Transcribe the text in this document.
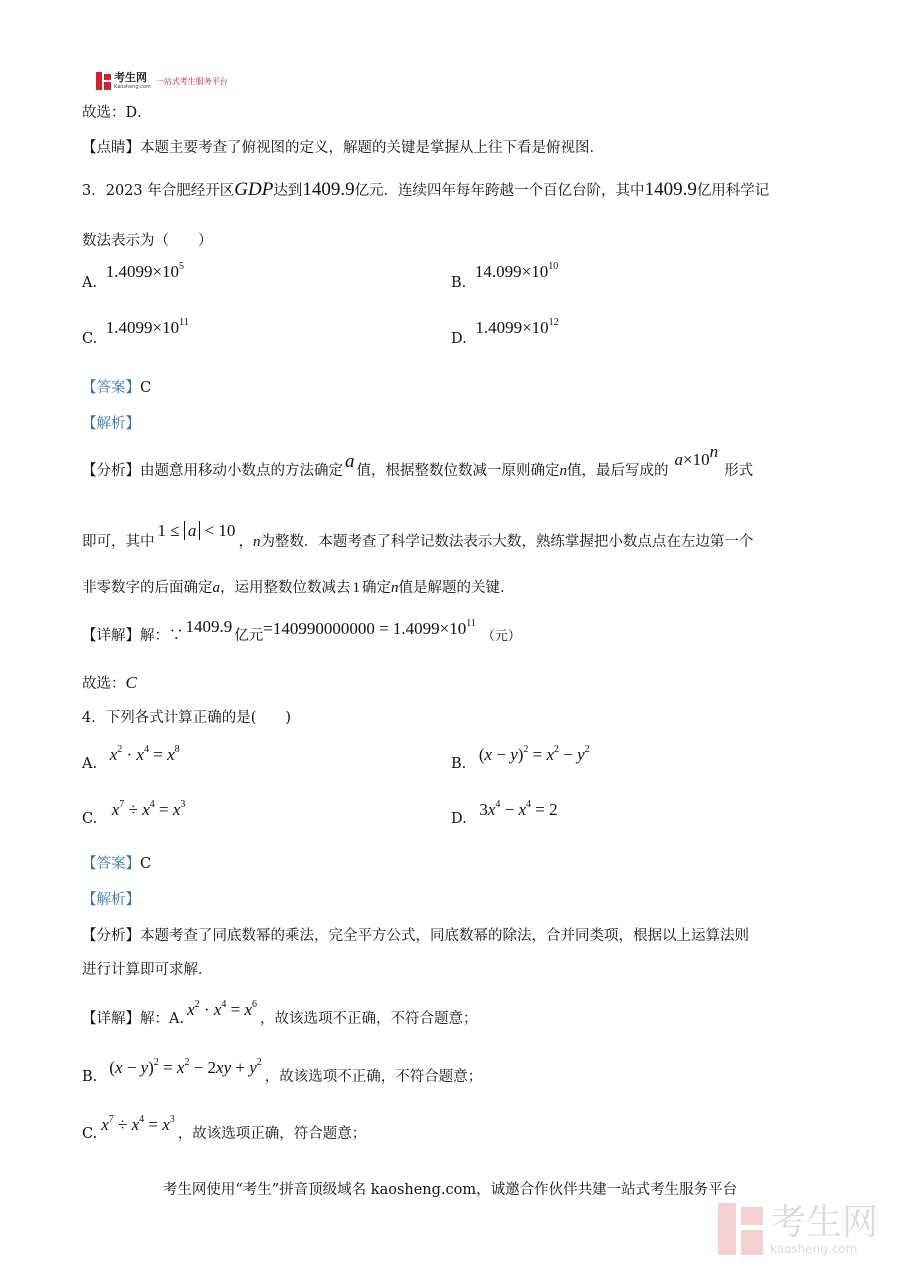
考生网
Kaosheng.com
一站式考生服务平台
故选：D．
【点睛】本题主要考查了俯视图的定义，解题的关键是掌握从上往下看是俯视图．
3．2023 年合肥经开区GDP达到1409.9亿元．连续四年每年跨越一个百亿台阶，其中1409.9亿用科学记
数法表示为（　　）
A. $1.4099\times 10^5$
B. $14.099\times 10^{10}$
C. $1.4099\times 10^{11}$
D. $1.4099\times 10^{12}$
【答案】C
【解析】
【分析】由题意用移动小数点的方法确定 a 值，根据整数位数减一原则确定n值，最后写成的$a\times 10^n$形式
即可，其中1 ≤ a < 10，n为整数．本题考查了科学记数法表示大数，熟练掌握把小数点点在左边第一个
非零数字的后面确定a，运用整数位数减去 1 确定n值是解题的关键．
【详解】解：∵ 1409.9 亿元$=140990000000 = 1.4099\times 10^{11}$（元）
故选：C
4．下列各式计算正确的是(　　)
A. $x^2 \cdot x^4 = x^8$
B. $(x - y)^2 = x^2 - y^2$
C. $x^7 \div x^4 = x^3$
D. $3x^4 - x^4 = 2$
【答案】C
【解析】
【分析】本题考查了同底数幂的乘法，完全平方公式，同底数幂的除法，合并同类项，根据以上运算法则
进行计算即可求解．
【详解】解：A. $x^2 \cdot x^4 = x^6$，故该选项不正确，不符合题意；
B. $(x - y)^2 = x^2 - 2xy + y^2$，故该选项不正确，不符合题意；
C. $x^7 \div x^4 = x^3$，故该选项正确，符合题意；
考生网使用“考生”拼音顶级域名 kaosheng.com，诚邀合作伙伴共建一站式考生服务平台
考生网
kaosheng.com
